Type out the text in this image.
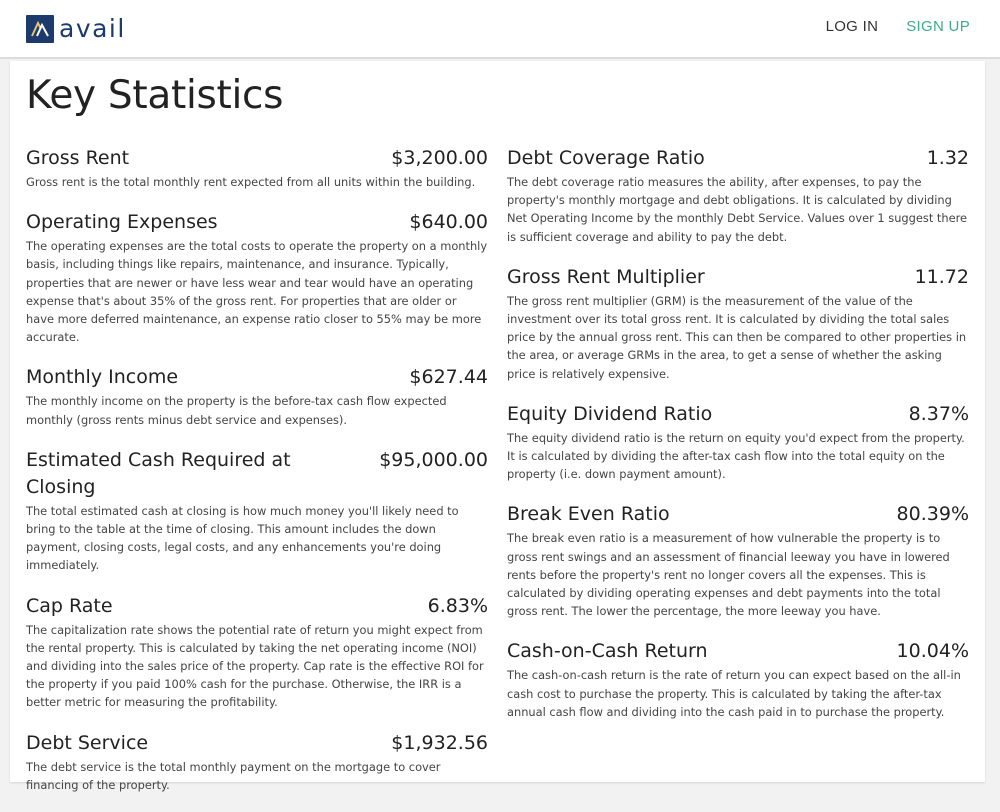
avail	LOG IN SIGN UP
Key Statistics
Gross Rent	$3,200.00

Gross rent is the total monthly rent expected from all units within the building.

Operating Expenses	$640.00

The operating expenses are the total costs to operate the property on a monthly basis, including things like repairs, maintenance, and insurance. Typically, properties that are newer or have less wear and tear would have an operating expense that's about 35% of the gross rent. For properties that are older or have more deferred maintenance, an expense ratio closer to 55% may be more accurate.

Monthly Income	$627.44

The monthly income on the property is the before-tax cash flow expected monthly (gross rents minus debt service and expenses).

Estimated Cash Required at Closing
$95,000.00

The total estimated cash at closing is how much money you'll likely need to bring to the table at the time of closing. This amount includes the down payment, closing costs, legal costs, and any enhancements you're doing immediately.

Cap Rate	6.83%

The capitalization rate shows the potential rate of return you might expect from the rental property. This is calculated by taking the net operating income (NOI) and dividing into the sales price of the property. Cap rate is the effective ROI for the property if you paid 100% cash for the purchase. Otherwise, the IRR is a better metric for measuring the profitability.

Debt Service	$1,932.56

The debt service is the total monthly payment on the mortgage to cover financing of the property.

Debt Coverage Ratio	1.32

The debt coverage ratio measures the ability, after expenses, to pay the property's monthly mortgage and debt obligations. It is calculated by dividing Net Operating Income by the monthly Debt Service. Values over 1 suggest there is sufficient coverage and ability to pay the debt.

Gross Rent Multiplier	11.72

The gross rent multiplier (GRM) is the measurement of the value of the investment over its total gross rent. It is calculated by dividing the total sales price by the annual gross rent. This can then be compared to other properties in the area, or average GRMs in the area, to get a sense of whether the asking price is relatively expensive.

Equity Dividend Ratio	8.37%

The equity dividend ratio is the return on equity you'd expect from the property. It is calculated by dividing the after-tax cash flow into the total equity on the property (i.e. down payment amount).

Break Even Ratio	80.39%

The break even ratio is a measurement of how vulnerable the property is to gross rent swings and an assessment of financial leeway you have in lowered rents before the property's rent no longer covers all the expenses. This is calculated by dividing operating expenses and debt payments into the total gross rent. The lower the percentage, the more leeway you have.

Cash-on-Cash Return	10.04%

The cash-on-cash return is the rate of return you can expect based on the all-in cash cost to purchase the property. This is calculated by taking the after-tax annual cash flow and dividing into the cash paid in to purchase the property.
